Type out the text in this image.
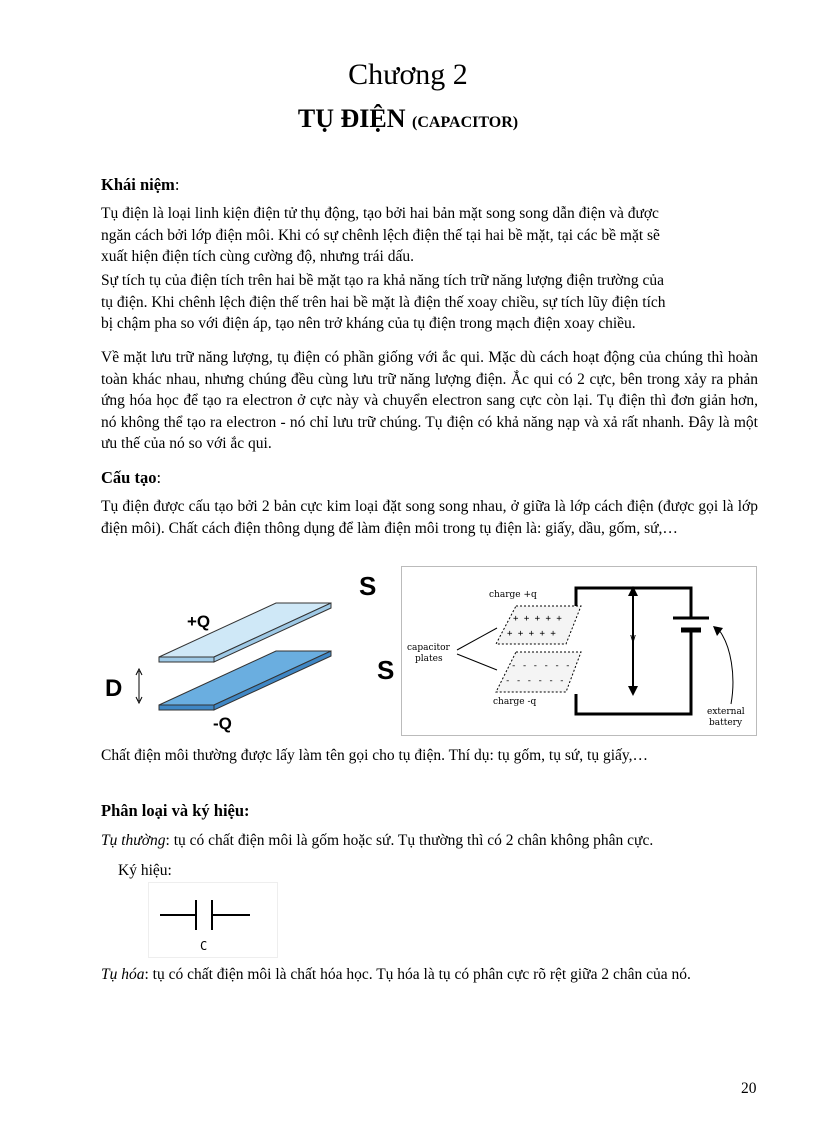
Chương 2
TỤ ĐIỆN (CAPACITOR)
Khái niệm:
Tụ điện là loại linh kiện điện tử thụ động, tạo bởi hai bản mặt song song dẫn điện và được
ngăn cách bởi lớp điện môi. Khi có sự chênh lệch điện thế tại hai bề mặt, tại các bề mặt sẽ
xuất hiện điện tích cùng cường độ, nhưng trái dấu.
Sự tích tụ của điện tích trên hai bề mặt tạo ra khả năng tích trữ năng lượng điện trường của
tụ điện. Khi chênh lệch điện thế trên hai bề mặt là điện thế xoay chiều, sự tích lũy điện tích
bị chậm pha so với điện áp, tạo nên trở kháng của tụ điện trong mạch điện xoay chiều.
Về mặt lưu trữ năng lượng, tụ điện có phần giống với ắc qui. Mặc dù cách hoạt động của chúng thì hoàn toàn khác nhau, nhưng chúng đều cùng lưu trữ năng lượng điện. Ắc qui có 2 cực, bên trong xảy ra phản ứng hóa học để tạo ra electron ở cực này và chuyển electron sang cực còn lại. Tụ điện thì đơn giản hơn, nó không thể tạo ra electron - nó chỉ lưu trữ chúng. Tụ điện có khả năng nạp và xả rất nhanh. Đây là một ưu thế của nó so với ắc qui.
Cấu tạo:
Tụ điện được cấu tạo bởi 2 bản cực kim loại đặt song song nhau, ở giữa là lớp cách điện (được gọi là lớp điện môi). Chất cách điện thông dụng để làm điện môi trong tụ điện là: giấy, dầu, gốm, sứ,…
D
+Q
-Q
S
S
+ + + + +
+ + + + +
- - - - - -
- - - - - -
V
charge +q
charge -q
capacitor
plates
external
battery
Chất điện môi thường được lấy làm tên gọi cho tụ điện. Thí dụ: tụ gốm, tụ sứ, tụ giấy,…
Phân loại và ký hiệu:
Tụ thường: tụ có chất điện môi là gốm hoặc sứ. Tụ thường thì có 2 chân không phân cực.
Ký hiệu:
C
Tụ hóa: tụ có chất điện môi là chất hóa học. Tụ hóa là tụ có phân cực rõ rệt giữa 2 chân của nó.
20
